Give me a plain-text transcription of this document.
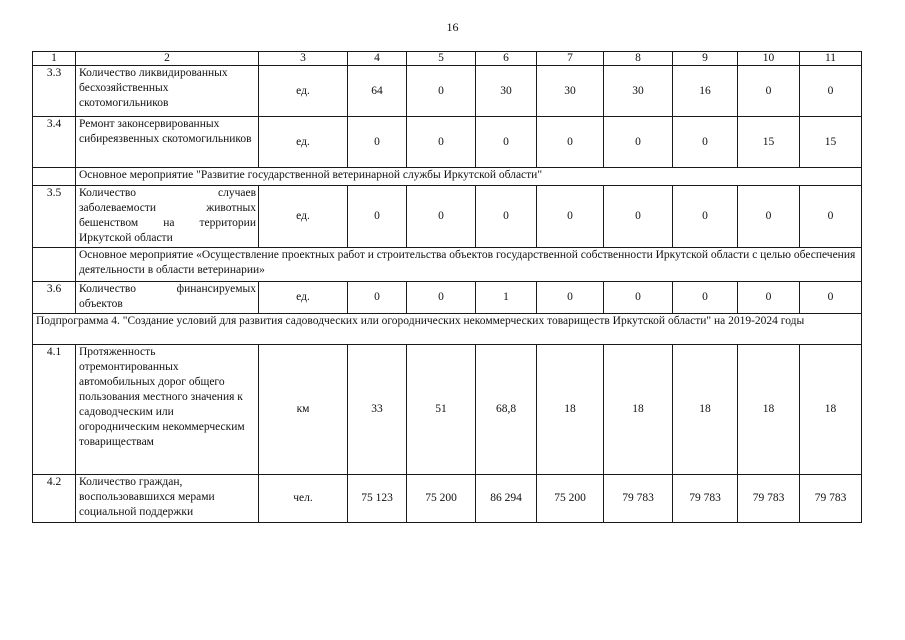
16
1	2	3	4	5	6	7	8	9	10	11
3.3	Количество ликвидированных бесхозяйственных скотомогильников	ед.	64	0	30	30	30	16	0	0
3.4	Ремонт законсервированных сибиреязвенных скотомогильников	ед.	0	0	0	0	0	0	15	15
	Основное мероприятие "Развитие государственной ветеринарной службы Иркутской области"									
3.5	Количество случаев заболеваемости животных бешенством на территории Иркутской области	ед.	0	0	0	0	0	0	0	0
	Основное мероприятие «Осуществление проектных работ и строительства объектов государственной собственности Иркутской области с целью обеспечения деятельности в области ветеринарии»									
3.6	Количество финансируемых объектов	ед.	0	0	1	0	0	0	0	0
Подпрограмма 4. "Создание условий для развития садоводческих или огороднических некоммерческих товариществ Иркутской области" на 2019-2024 годы										
4.1	Протяженность отремонтированных автомобильных дорог общего пользования местного значения к садоводческим или огородническим некоммерческим товариществам	км	33	51	68,8	18	18	18	18	18
4.2	Количество граждан, воспользовавшихся мерами социальной поддержки	чел.	75 123	75 200	86 294	75 200	79 783	79 783	79 783	79 783
